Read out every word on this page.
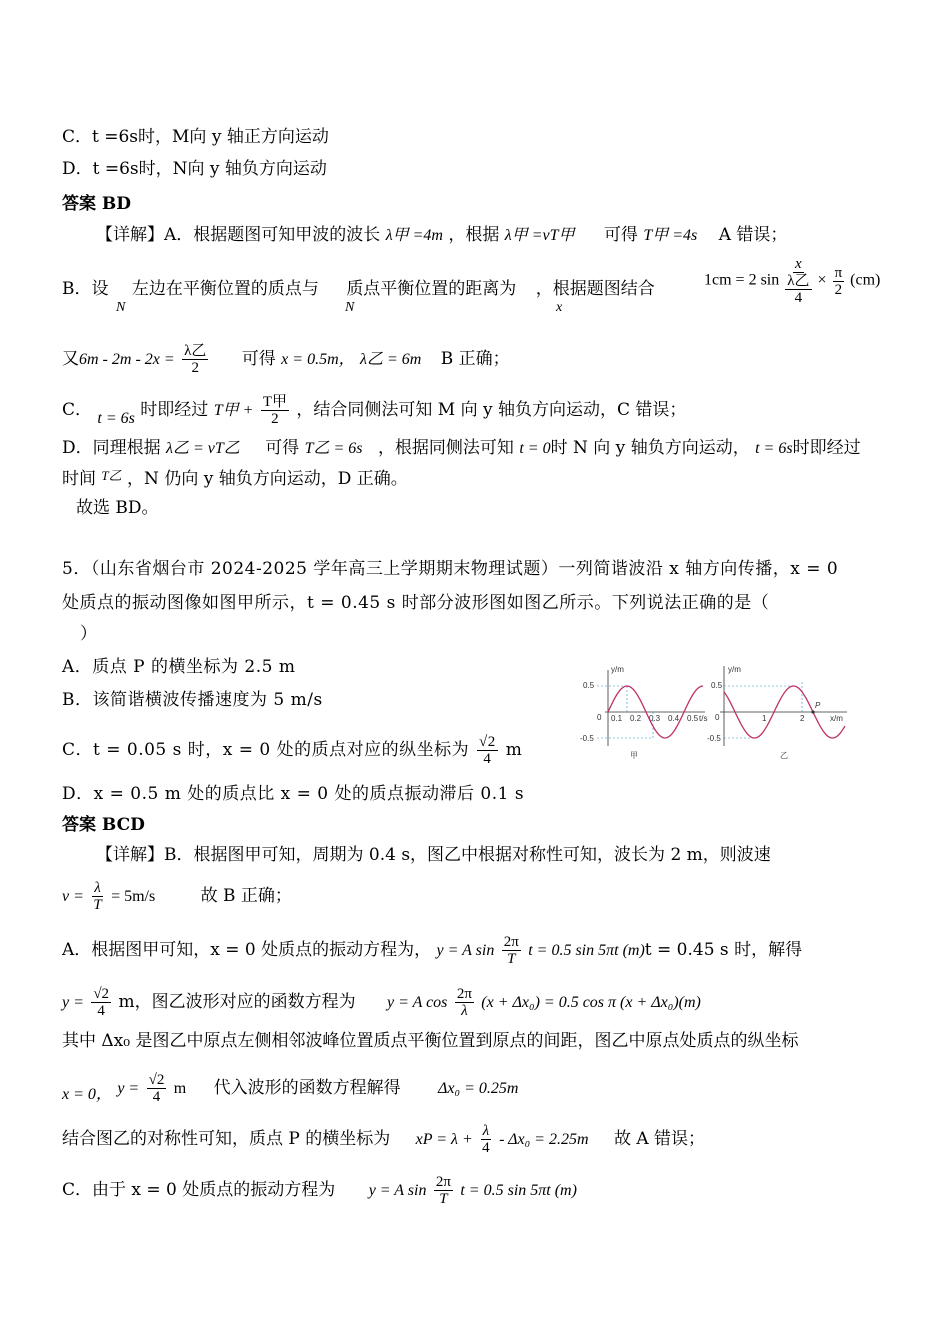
C．t =6s时，M向 y 轴正方向运动
D．t =6s时，N向 y 轴负方向运动
答案 BD
【详解】A．根据题图可知甲波的波长 λ甲 =4m ，根据 λ甲 =vT甲 可得 T甲 =4s A 错误；
B．设 左边在平衡位置的质点与 质点平衡位置的距离为 ，根据题图结合
N	N	x
1cm = 2 sin
x
λ乙
4
× $\frac{\pi}{2} (cm)$
又$6m - 2m - 2x = \frac{\text{λ乙}}{2}$ 可得 x = 0.5m， λ乙 = 6m B 正确；
C． t = 6s 时即经过 T甲 + $\frac{\text{T甲}}{2}$ ，结合同侧法可知 M 向 y 轴负方向运动，C 错误；
D．同理根据 λ乙 = vT乙 可得 T乙 = 6s ，根据同侧法可知 t = 0时 N 向 y 轴负方向运动， t = 6s时即经过
时间 $^{T乙}$ ，N 仍向 y 轴负方向运动，D 正确。
故选 BD。
5．（山东省烟台市 2024-2025 学年高三上学期期末物理试题）一列简谐波沿 x 轴方向传播，x = 0
处质点的振动图像如图甲所示，t = 0.45 s 时部分波形图如图乙所示。下列说法正确的是（
）
A．质点 P 的横坐标为 2.5 m
B．该简谐横波传播速度为 5 m/s
C．t = 0.05 s 时，x = 0 处的质点对应的纵坐标为 $\frac{√2}{4}$ m
D．x = 0.5 m 处的质点比 x = 0 处的质点振动滞后 0.1 s
y/m
t/s
0.5
-0.5
0 0.1 0.2 0.3 0.4 0.5
甲
y/m
x/m
0.5
-0.5
0	1	2
P
乙
答案 BCD
【详解】B．根据图甲可知，周期为 0.4 s，图乙中根据对称性可知，波长为 2 m，则波速
$v = \frac{\lambda}{T} = 5m/s$	故 B 正确；
A．根据图甲可知，x = 0 处质点的振动方程为， y = A $\sin \frac{2\pi}{T}$ t = 0.5 sin 5πt (m)t = 0.45 s 时，解得
$y = \frac{√2}{4}$ m，图乙波形对应的函数方程为 y = A $\cos \frac{2\pi}{\lambda} (x + \Delta x_0) = 0.5$ cos π (x + Δx₀)(m)
其中 Δx₀ 是图乙中原点左侧相邻波峰位置质点平衡位置到原点的间距，图乙中原点处质点的纵坐标
x = 0， $y = \frac{√2}{4}$ m 代入波形的函数方程解得 Δx₀ = 0.25m
结合图乙的对称性可知，质点 P 的横坐标为 xP = $\lambda + \frac{\lambda}{4} - \Delta x_0 = 2.25m$ 故 A 错误；
C．由于 x = 0 处质点的振动方程为 y = A $\sin \frac{2\pi}{T}$ t = 0.5 sin 5πt (m)
